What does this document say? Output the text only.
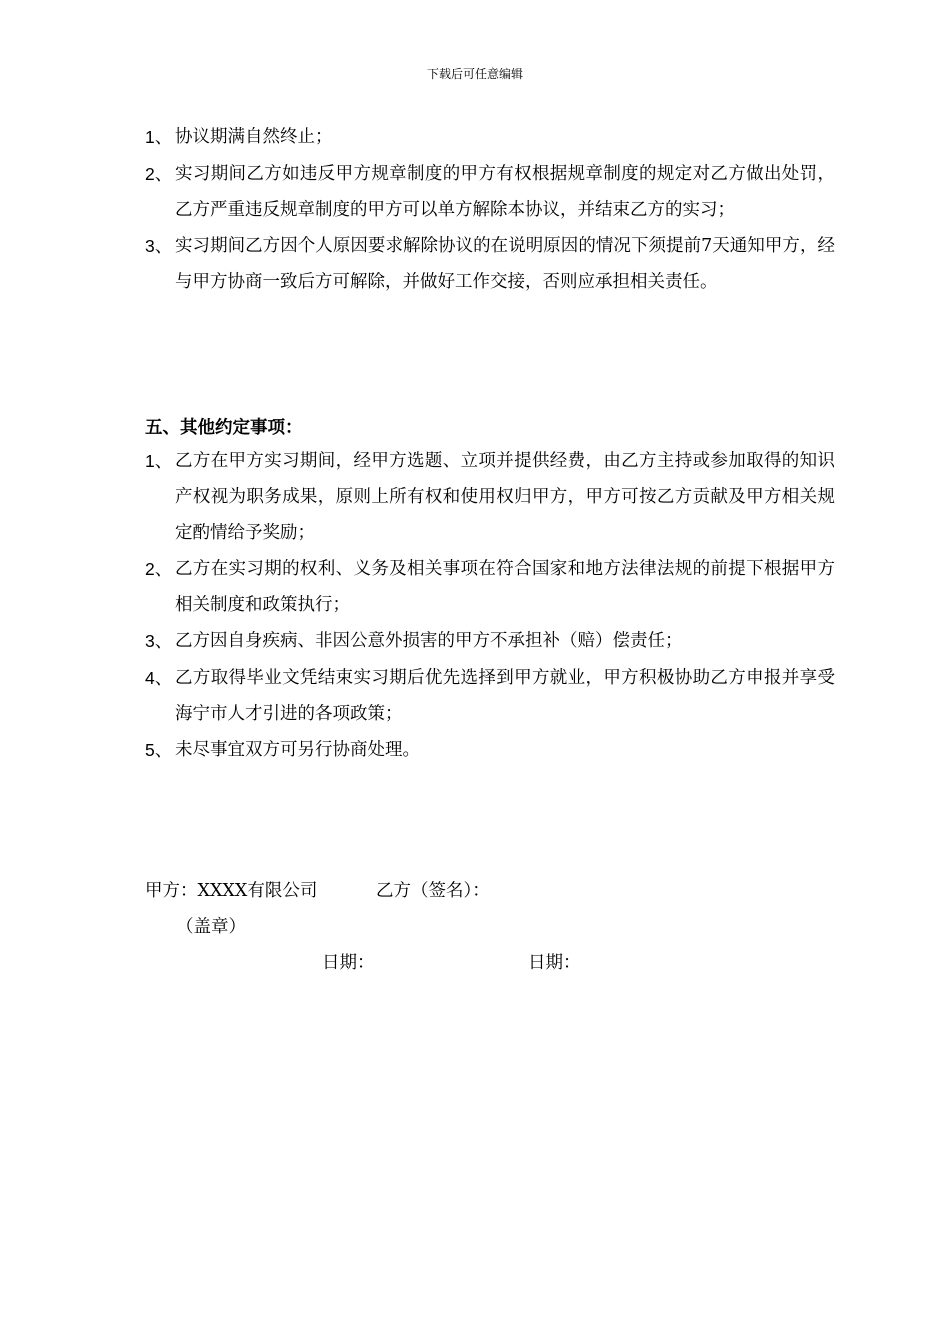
下载后可任意编辑
1、 协议期满自然终止；
2、 实习期间乙方如违反甲方规章制度的甲方有权根据规章制度的规定对乙方做出处罚，乙方严重违反规章制度的甲方可以单方解除本协议，并结束乙方的实习；
3、 实习期间乙方因个人原因要求解除协议的在说明原因的情况下须提前7天通知甲方，经与甲方协商一致后方可解除，并做好工作交接，否则应承担相关责任。
五、其他约定事项：
1、 乙方在甲方实习期间，经甲方选题、立项并提供经费，由乙方主持或参加取得的知识产权视为职务成果，原则上所有权和使用权归甲方，甲方可按乙方贡献及甲方相关规定酌情给予奖励；
2、 乙方在实习期的权利、义务及相关事项在符合国家和地方法律法规的前提下根据甲方相关制度和政策执行；
3、 乙方因自身疾病、非因公意外损害的甲方不承担补（赔）偿责任；
4、 乙方取得毕业文凭结束实习期后优先选择到甲方就业，甲方积极协助乙方申报并享受海宁市人才引进的各项政策；
5、 未尽事宜双方可另行协商处理。
甲方：XXXX有限公司	乙方（签名）：
（盖章）
日期：	日期：
